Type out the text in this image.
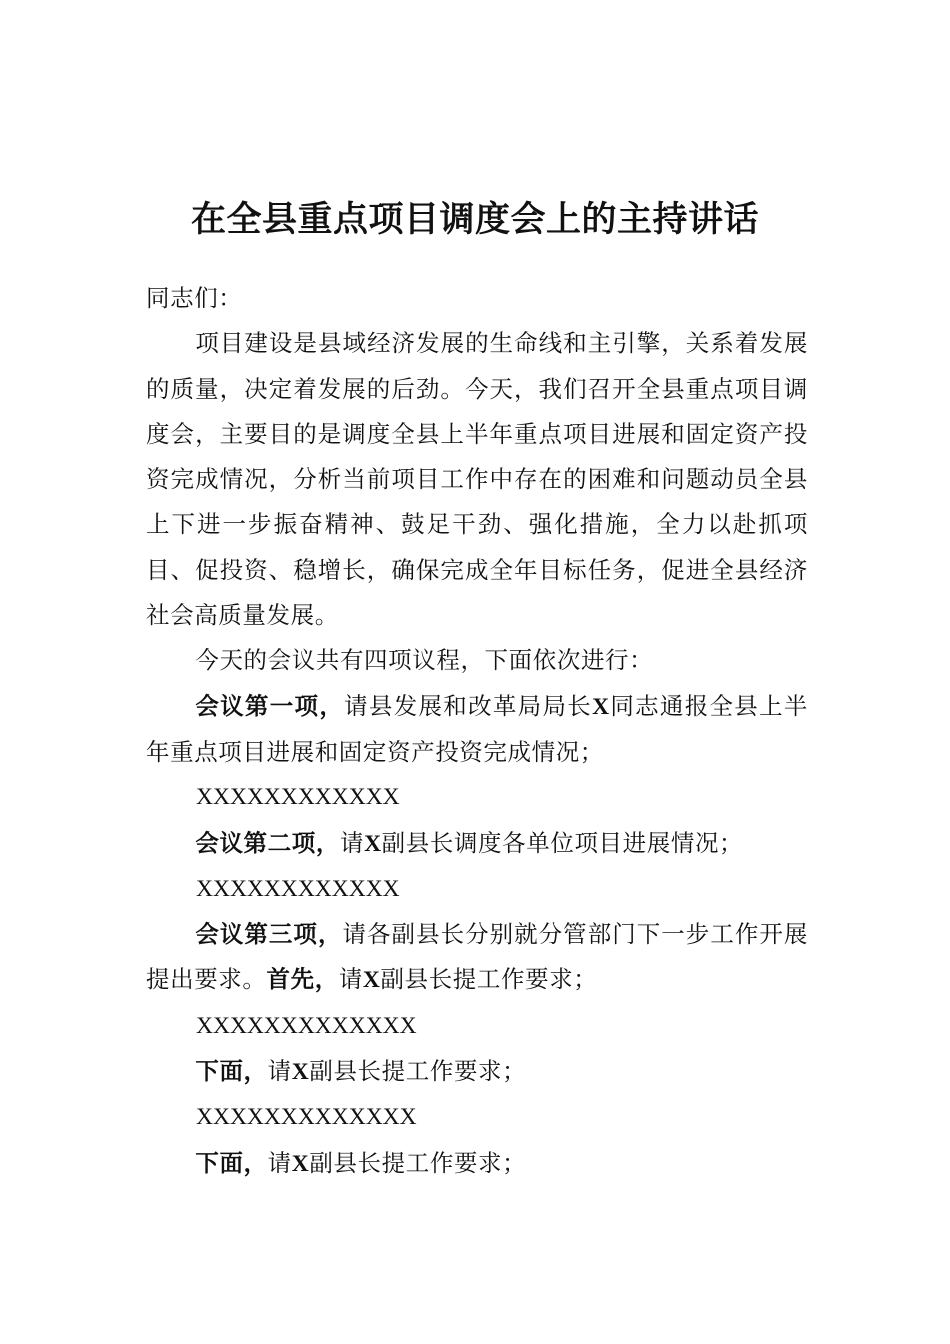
在全县重点项目调度会上的主持讲话

同志们：

项目建设是县域经济发展的生命线和主引擎，关系着发展的质量，决定着发展的后劲。今天，我们召开全县重点项目调度会，主要目的是调度全县上半年重点项目进展和固定资产投资完成情况，分析当前项目工作中存在的困难和问题动员全县上下进一步振奋精神、鼓足干劲、强化措施，全力以赴抓项目、促投资、稳增长，确保完成全年目标任务，促进全县经济社会高质量发展。

今天的会议共有四项议程，下面依次进行：

会议第一项，请县发展和改革局局长X同志通报全县上半年重点项目进展和固定资产投资完成情况；

XXXXXXXXXXXX

会议第二项，请X副县长调度各单位项目进展情况；

XXXXXXXXXXXX

会议第三项，请各副县长分别就分管部门下一步工作开展提出要求。首先，请X副县长提工作要求；

XXXXXXXXXXXXX

下面，请X副县长提工作要求；

XXXXXXXXXXXXX

下面，请X副县长提工作要求；
